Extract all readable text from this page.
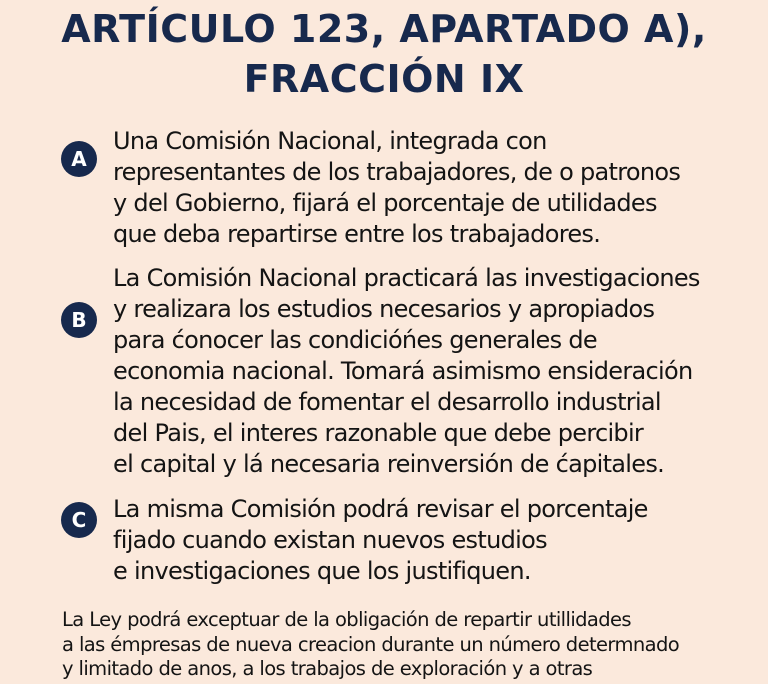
ARTÍCULO 123, APARTADO A),
FRACCIÓN IX
A
Una Comisión Nacional, integrada con
representantes de los trabajadores, de o patronos
y del Gobierno, fijará el porcentaje de utilidades
que deba repartirse entre los trabajadores.
B
La Comisión Nacional practicará las investigaciones
y realizara los estudios necesarios y apropiados
para ćonocer las condicióńes generales de
economia nacional. Tomará asimismo ensideración
la necesidad de fomentar el desarrollo industrial
del Pais, el interes razonable que debe percibir
el capital y lá necesaria reinversión de ćapitales.
C	La misma Comisión podrá revisar el porcentaje
fijado cuando existan nuevos estudios
e investigaciones que los justifiquen.
La Ley podrá exceptuar de la obligación de repartir utillidades
a las émpresas de nueva creacion durante un número determnado
y limitado de anos, a los trabajos de exploración y a otras
